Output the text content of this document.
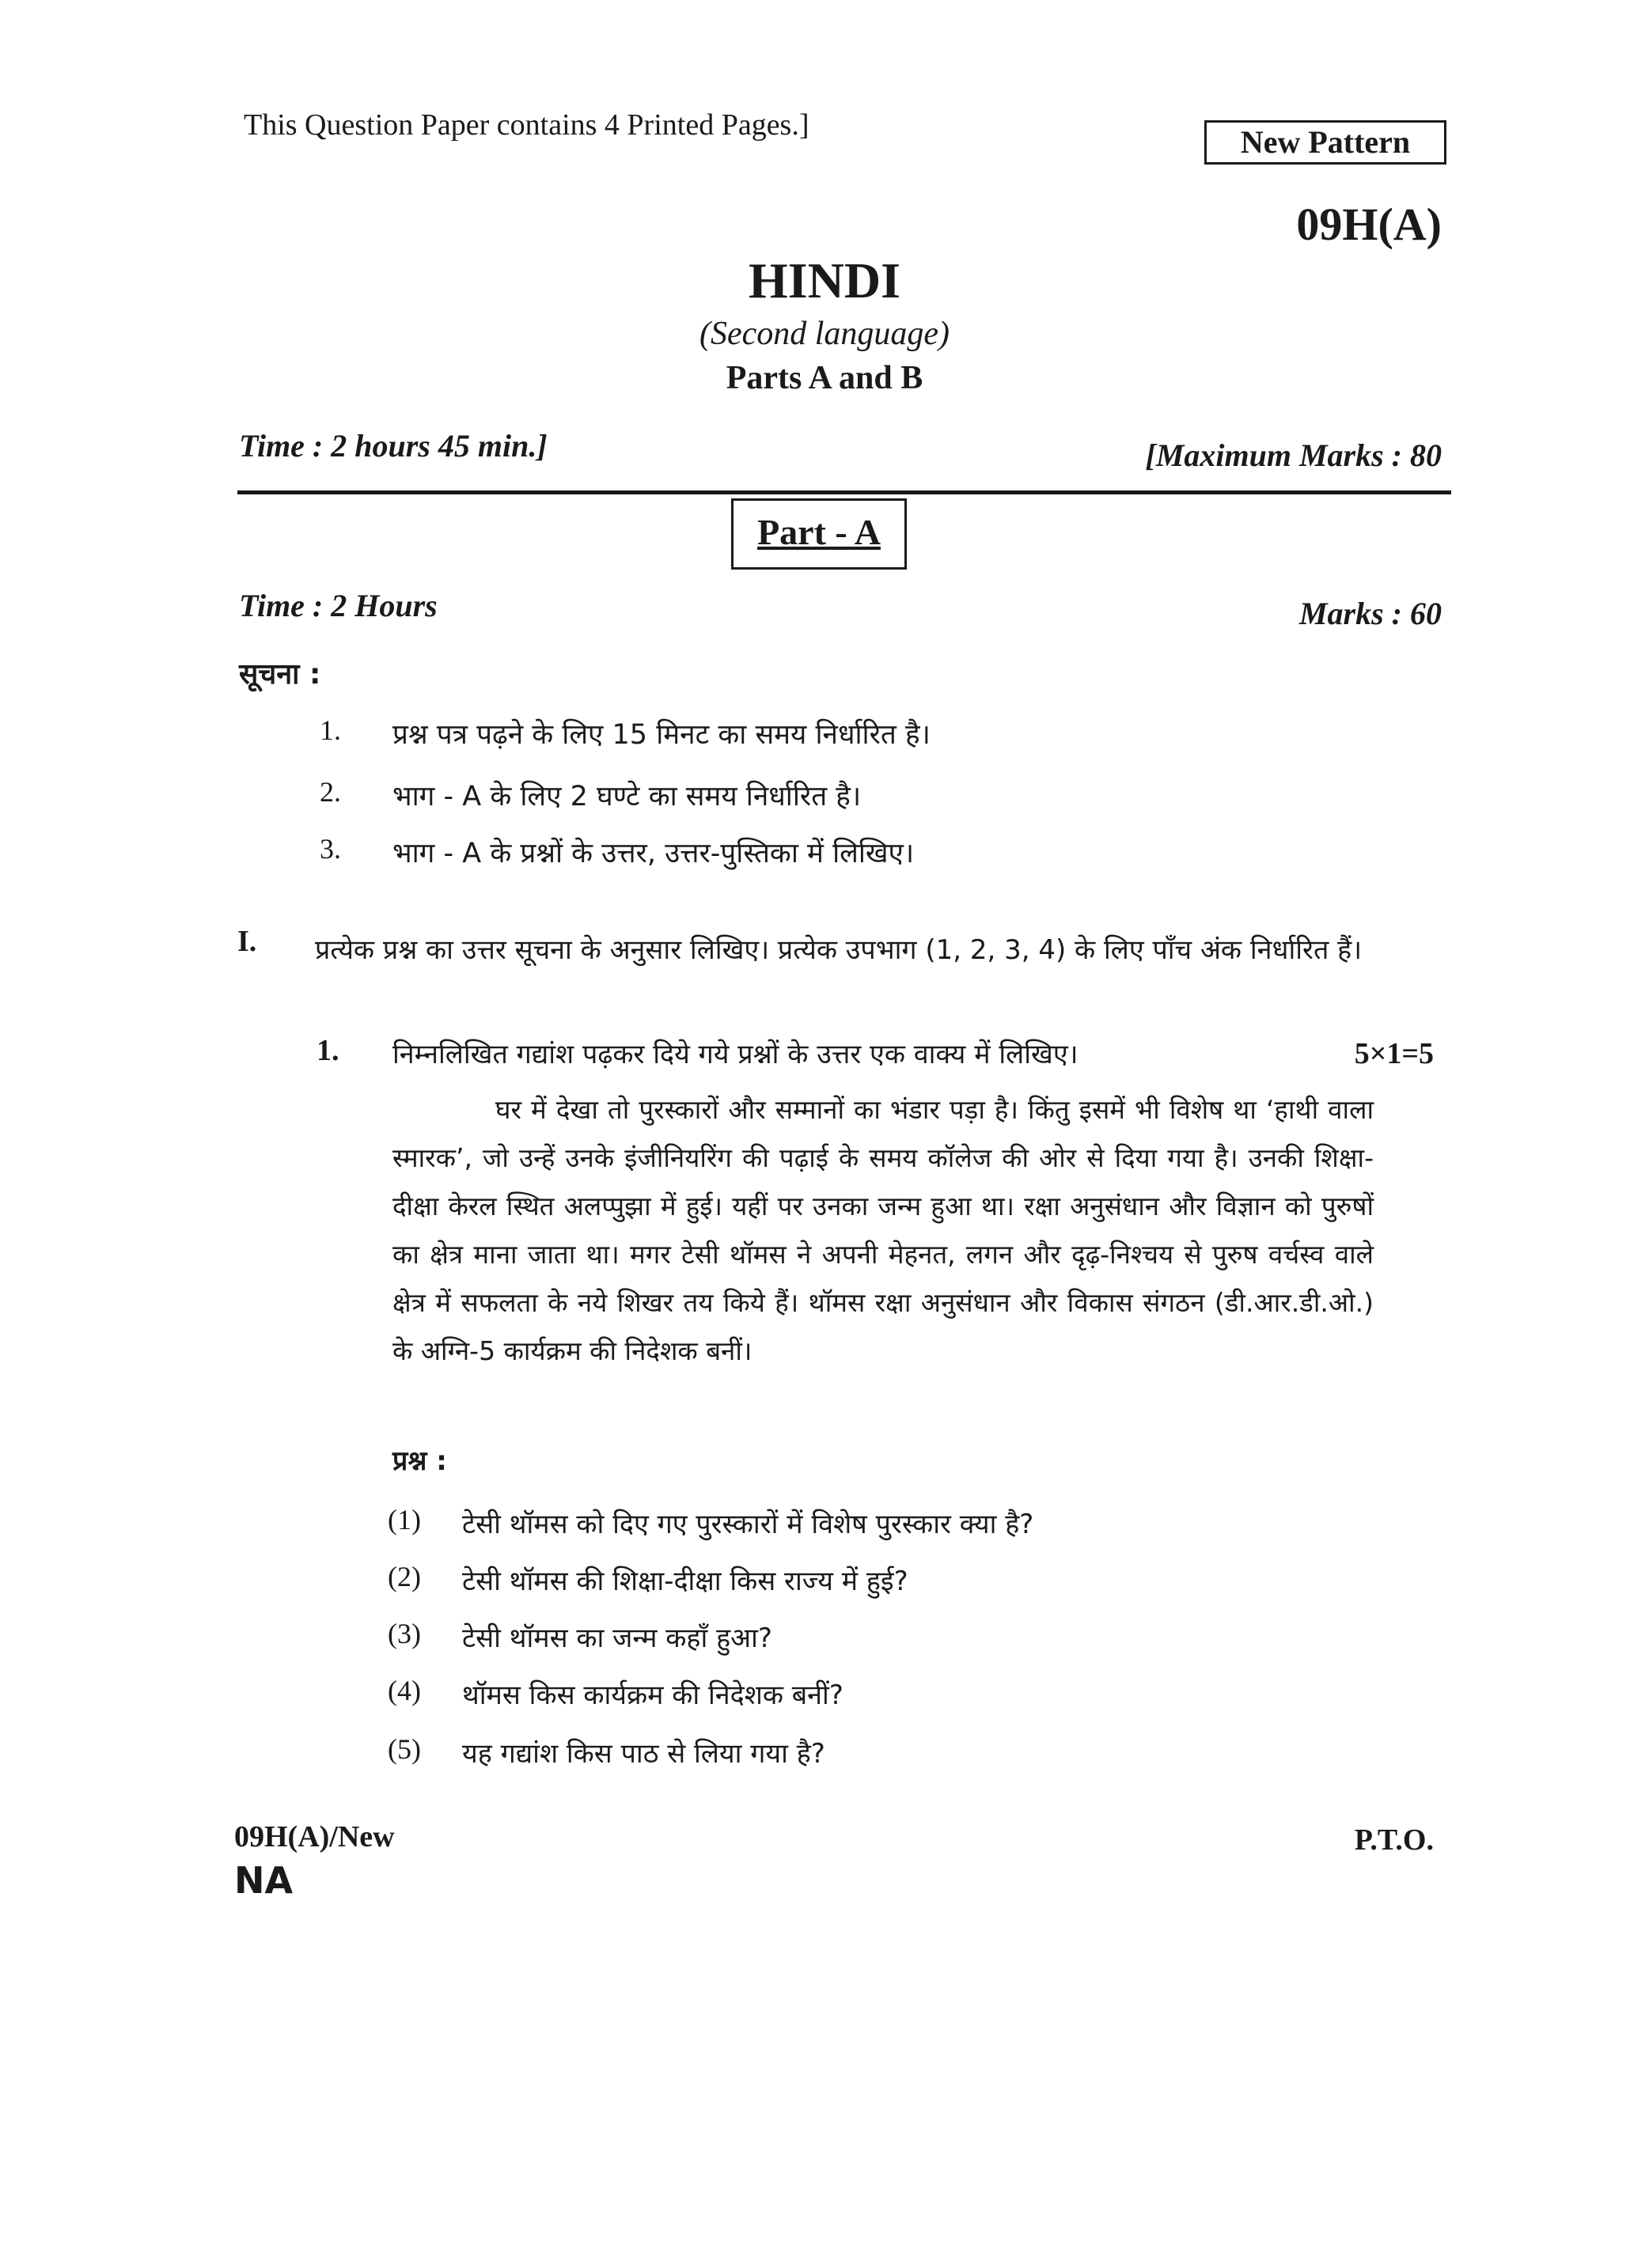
This Question Paper contains 4 Printed Pages.]	New Pattern
09H(A)
HINDI
(Second language)
Parts A and B
Time : 2 hours 45 min.]	[Maximum Marks : 80
Part - A
Time : 2 Hours	Marks : 60
सूचना :
1. प्रश्न पत्र पढ़ने के लिए 15 मिनट का समय निर्धारित है।
2. भाग - A के लिए 2 घण्टे का समय निर्धारित है।
3. भाग - A के प्रश्नों के उत्तर, उत्तर-पुस्तिका में लिखिए।
I. प्रत्येक प्रश्न का उत्तर सूचना के अनुसार लिखिए। प्रत्येक उपभाग (1, 2, 3, 4) के लिए पाँच अंक निर्धारित हैं।
1. निम्नलिखित गद्यांश पढ़कर दिये गये प्रश्नों के उत्तर एक वाक्य में लिखिए।	5×1=5
घर में देखा तो पुरस्कारों और सम्मानों का भंडार पड़ा है। किंतु इसमें भी विशेष था ‘हाथी वाला स्मारक’, जो उन्हें उनके इंजीनियरिंग की पढ़ाई के समय कॉलेज की ओर से दिया गया है। उनकी शिक्षा-दीक्षा केरल स्थित अलप्पुझा में हुई। यहीं पर उनका जन्म हुआ था। रक्षा अनुसंधान और विज्ञान को पुरुषों का क्षेत्र माना जाता था। मगर टेसी थॉमस ने अपनी मेहनत, लगन और दृढ़-निश्चय से पुरुष वर्चस्व वाले क्षेत्र में सफलता के नये शिखर तय किये हैं। थॉमस रक्षा अनुसंधान और विकास संगठन (डी.आर.डी.ओ.) के अग्नि-5 कार्यक्रम की निदेशक बनीं।
प्रश्न :
(1) टेसी थॉमस को दिए गए पुरस्कारों में विशेष पुरस्कार क्या है?
(2) टेसी थॉमस की शिक्षा-दीक्षा किस राज्य में हुई?
(3) टेसी थॉमस का जन्म कहाँ हुआ?
(4) थॉमस किस कार्यक्रम की निदेशक बनीं?
(5) यह गद्यांश किस पाठ से लिया गया है?
09H(A)/New
NA
P.T.O.
